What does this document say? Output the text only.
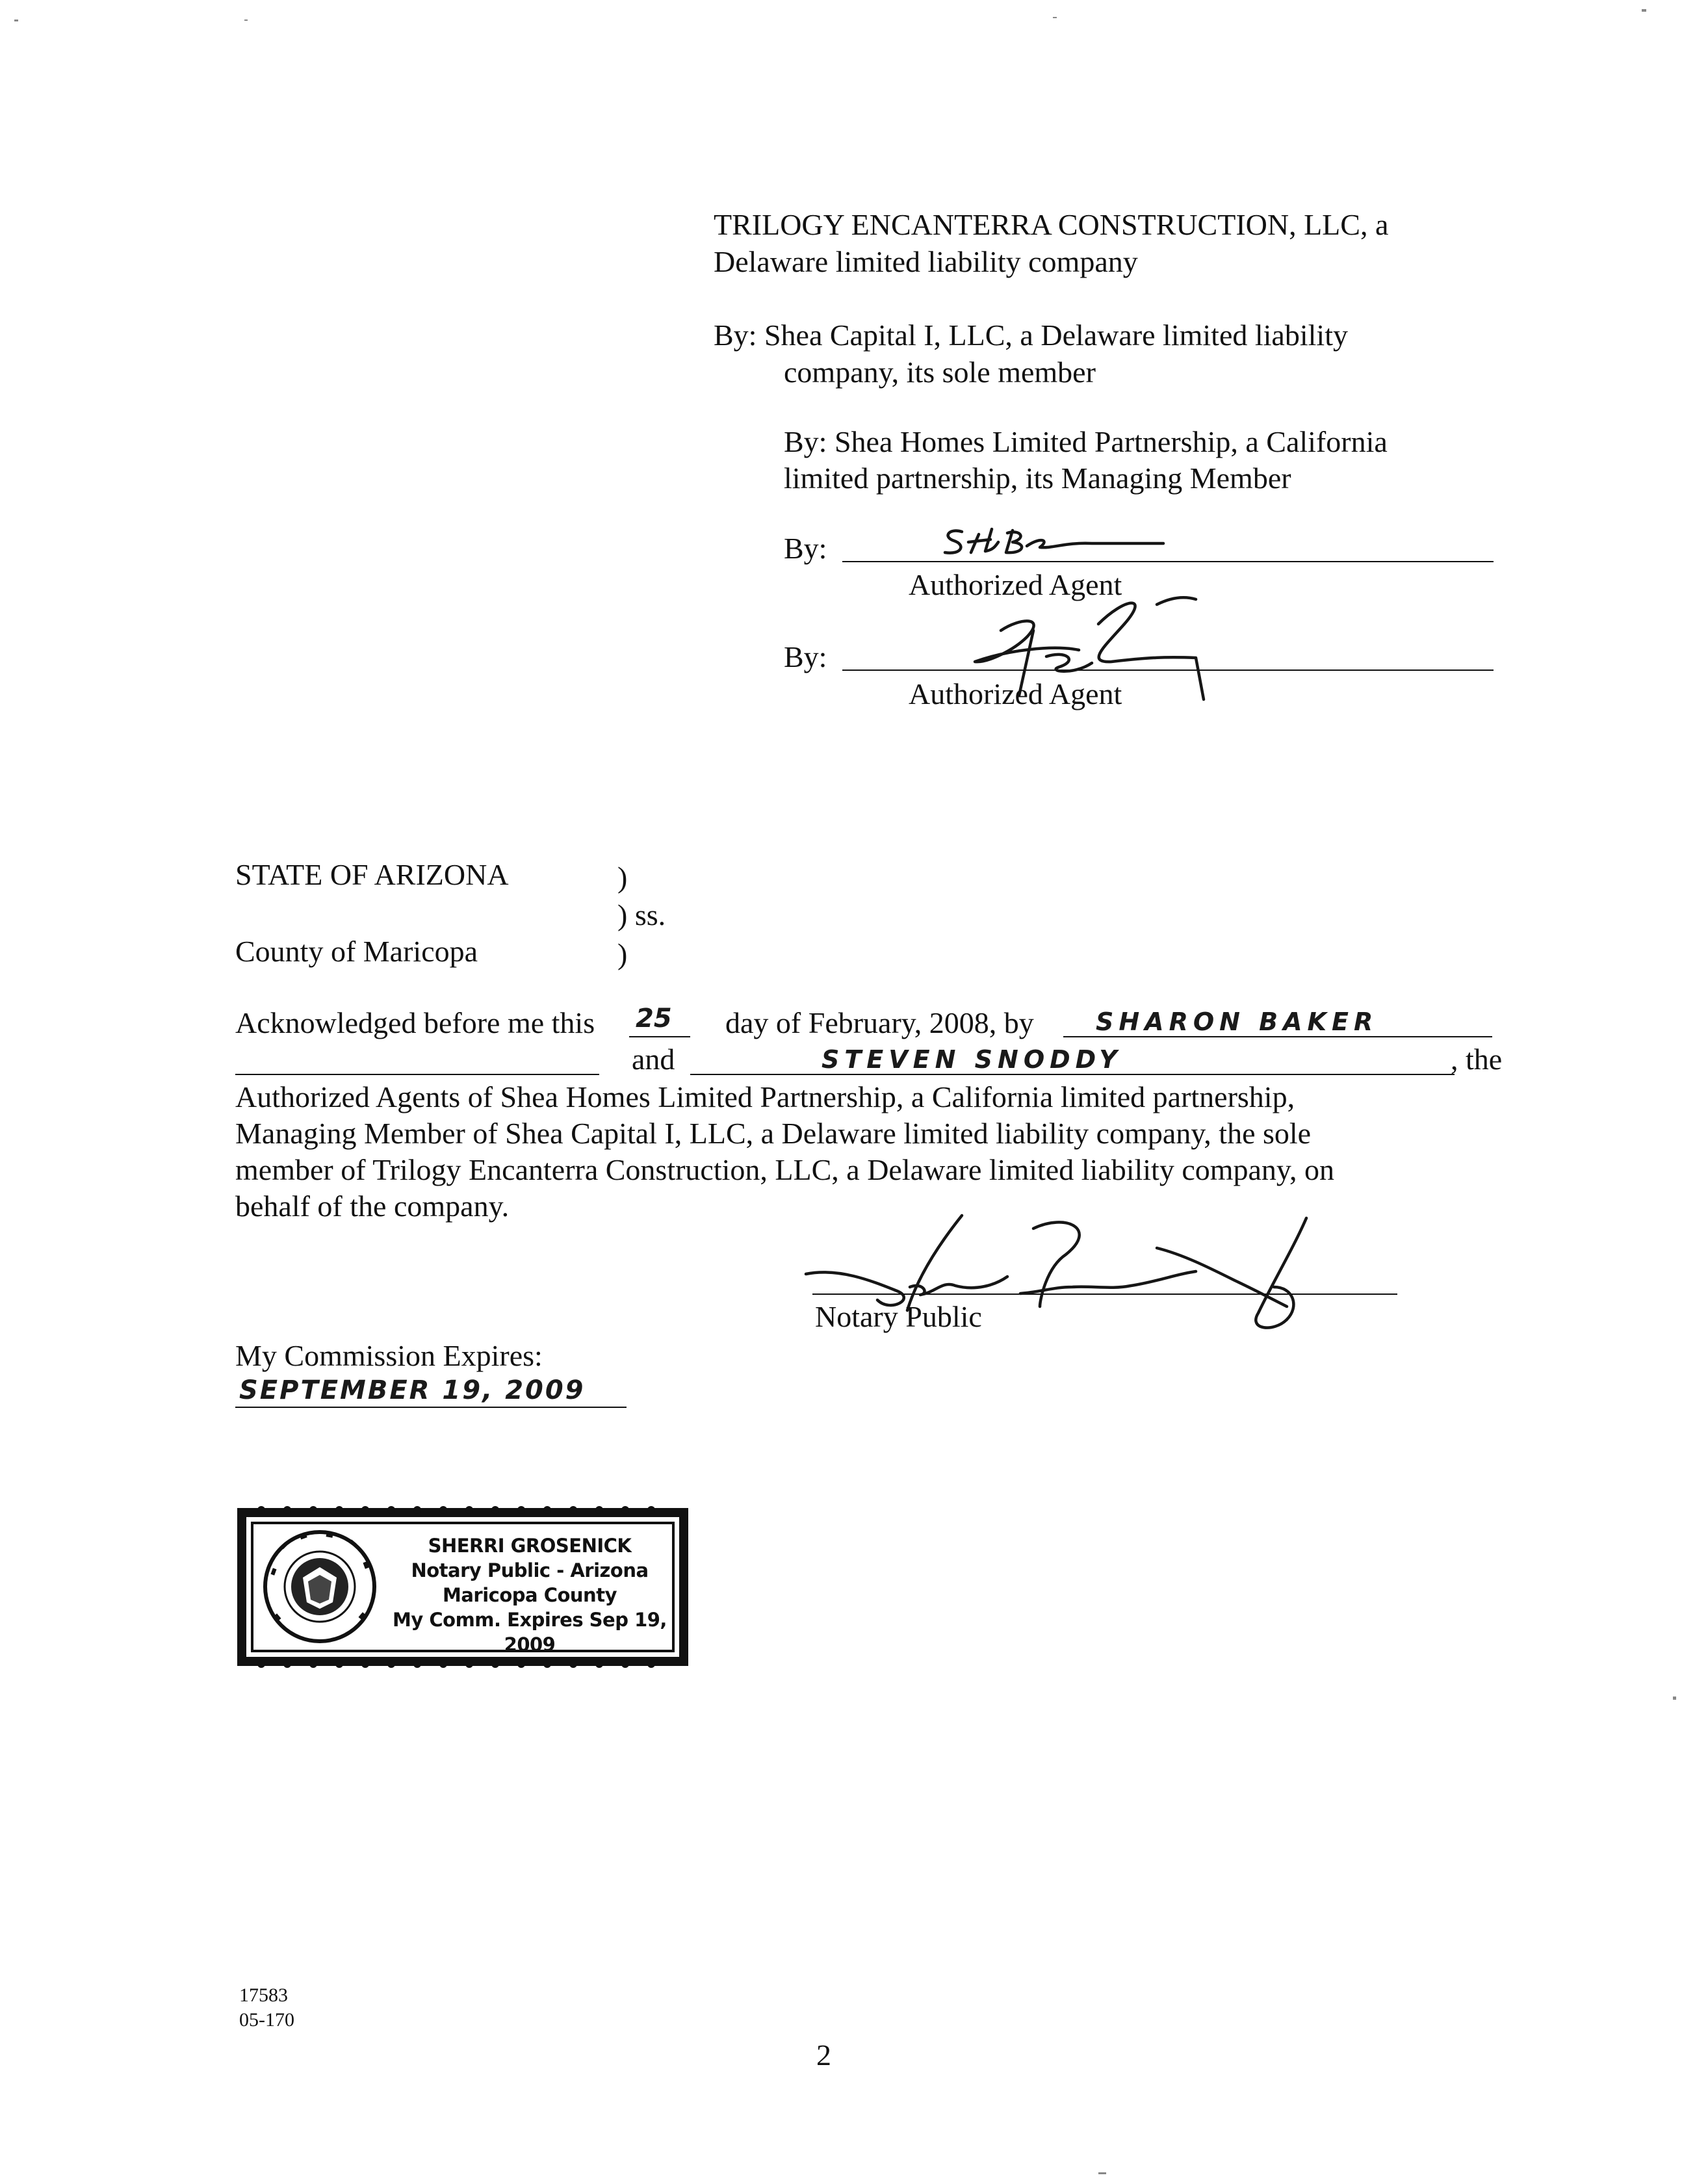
TRILOGY ENCANTERRA CONSTRUCTION, LLC, a
Delaware limited liability company
By: Shea Capital I, LLC, a Delaware limited liability
company, its sole member
By: Shea Homes Limited Partnership, a California
limited partnership, its Managing Member
By:
Authorized Agent
By:
Authorized Agent
STATE OF ARIZONA	)
) ss.
County of Maricopa	)
Acknowledged before me this 25 day of February, 2008, by	SHARON BAKER
and	STEVEN SNODDY	, the
Authorized Agents of Shea Homes Limited Partnership, a California limited partnership,
Managing Member of Shea Capital I, LLC, a Delaware limited liability company, the sole
member of Trilogy Encanterra Construction, LLC, a Delaware limited liability company, on
behalf of the company.
Notary Public
My Commission Expires:
SEPTEMBER 19, 2009
SHERRI GROSENICK
Notary Public - Arizona
Maricopa County
My Comm. Expires Sep 19, 2009
17583
05-170
2
